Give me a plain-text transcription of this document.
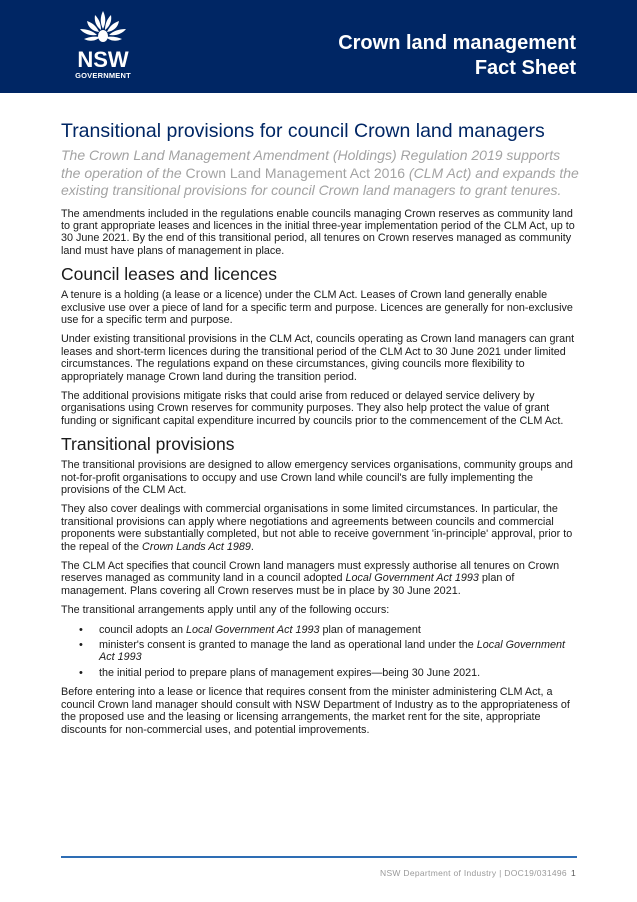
NSW
GOVERNMENT
Crown land management
Fact Sheet
Transitional provisions for council Crown land managers

The Crown Land Management Amendment (Holdings) Regulation 2019 supports the operation of the Crown Land Management Act 2016 (CLM Act) and expands the existing transitional provisions for council Crown land managers to grant tenures.

The amendments included in the regulations enable councils managing Crown reserves as community land to grant appropriate leases and licences in the initial three-year implementation period of the CLM Act, up to 30 June 2021. By the end of this transitional period, all tenures on Crown reserves managed as community land must have plans of management in place.

Council leases and licences

A tenure is a holding (a lease or a licence) under the CLM Act. Leases of Crown land generally enable exclusive use over a piece of land for a specific term and purpose. Licences are generally for non-exclusive use for a specific term and purpose.

Under existing transitional provisions in the CLM Act, councils operating as Crown land managers can grant leases and short-term licences during the transitional period of the CLM Act to 30 June 2021 under limited circumstances. The regulations expand on these circumstances, giving councils more flexibility to appropriately manage Crown land during the transition period.

The additional provisions mitigate risks that could arise from reduced or delayed service delivery by organisations using Crown reserves for community purposes. They also help protect the value of grant funding or significant capital expenditure incurred by councils prior to the commencement of the CLM Act.

Transitional provisions

The transitional provisions are designed to allow emergency services organisations, community groups and not-for-profit organisations to occupy and use Crown land while council's are fully implementing the provisions of the CLM Act.

They also cover dealings with commercial organisations in some limited circumstances. In particular, the transitional provisions can apply where negotiations and agreements between councils and commercial proponents were substantially completed, but not able to receive government 'in-principle' approval, prior to the repeal of the Crown Lands Act 1989.

The CLM Act specifies that council Crown land managers must expressly authorise all tenures on Crown reserves managed as community land in a council adopted Local Government Act 1993 plan of management. Plans covering all Crown reserves must be in place by 30 June 2021.

The transitional arrangements apply until any of the following occurs:

• council adopts an Local Government Act 1993 plan of management
• minister's consent is granted to manage the land as operational land under the Local Government Act 1993
• the initial period to prepare plans of management expires—being 30 June 2021.

Before entering into a lease or licence that requires consent from the minister administering CLM Act, a council Crown land manager should consult with NSW Department of Industry as to the appropriateness of the proposed use and the leasing or licensing arrangements, the market rent for the site, appropriate discounts for non-commercial uses, and potential improvements.

NSW Department of Industry | DOC19/031496 1
